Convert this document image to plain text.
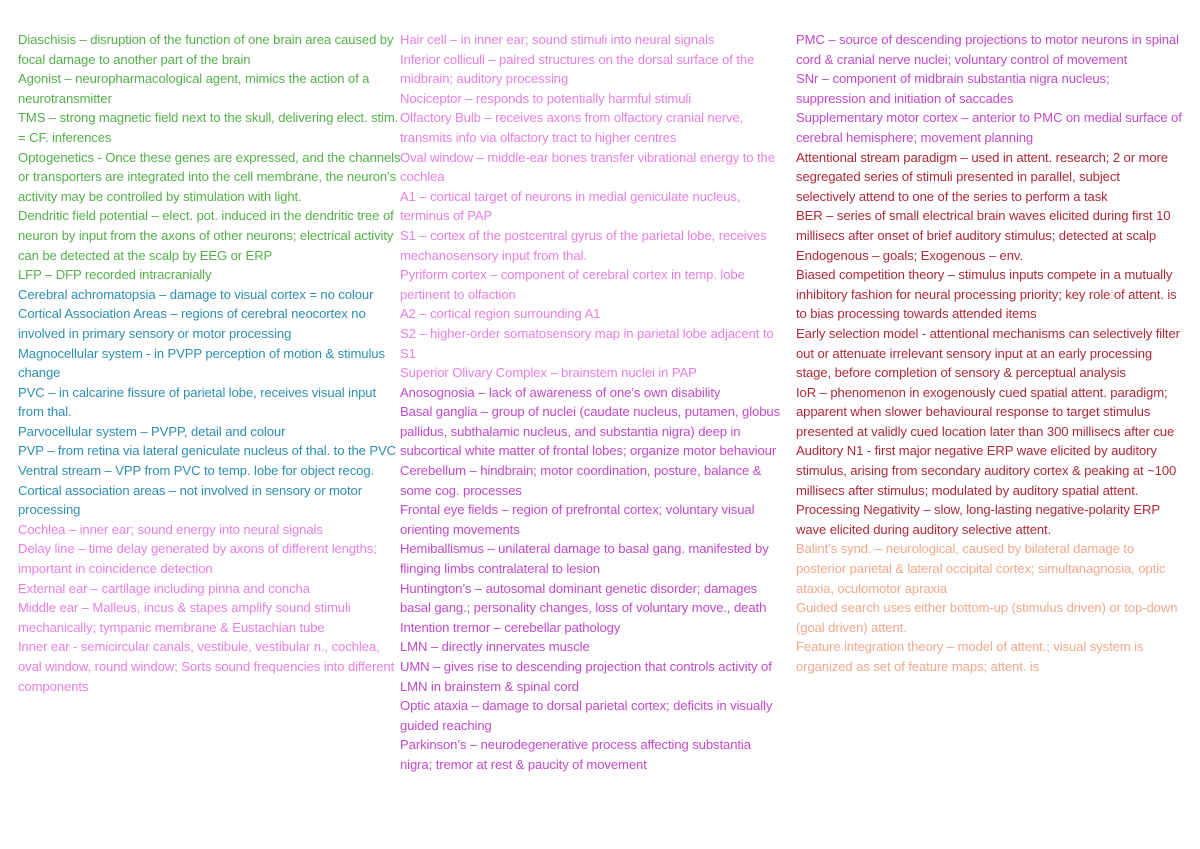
Diaschisis – disruption of the function of one brain area caused by focal damage to another part of the brain

Agonist – neuropharmacological agent, mimics the action of a neurotransmitter

TMS – strong magnetic field next to the skull, delivering elect. stim. = CF. inferences

Optogenetics - Once these genes are expressed, and the channels or transporters are integrated into the cell membrane, the neuron’s activity may be controlled by stimulation with light.

Dendritic field potential – elect. pot. induced in the dendritic tree of neuron by input from the axons of other neurons; electrical activity can be detected at the scalp by EEG or ERP

LFP – DFP recorded intracranially

Cerebral achromatopsia – damage to visual cortex = no colour

Cortical Association Areas – regions of cerebral neocortex no involved in primary sensory or motor processing

Magnocellular system - in PVPP perception of motion & stimulus change

PVC – in calcarine fissure of parietal lobe, receives visual input from thal.

Parvocellular system – PVPP, detail and colour

PVP – from retina via lateral geniculate nucleus of thal. to the PVC

Ventral stream – VPP from PVC to temp. lobe for object recog.

Cortical association areas – not involved in sensory or motor processing

Cochlea – inner ear; sound energy into neural signals

Delay line – time delay generated by axons of different lengths; important in coincidence detection

External ear – cartilage including pinna and concha

Middle ear – Malleus, incus & stapes amplify sound stimuli mechanically; tympanic membrane & Eustachian tube

Inner ear - semicircular canals, vestibule, vestibular n., cochlea, oval window, round window; Sorts sound frequencies into different components

Hair cell – in inner ear; sound stimuli into neural signals

Inferior colliculi – paired structures on the dorsal surface of the midbrain; auditory processing

Nociceptor – responds to potentially harmful stimuli

Olfactory Bulb – receives axons from olfactory cranial nerve, transmits info via olfactory tract to higher centres

Oval window – middle-ear bones transfer vibrational energy to the cochlea

A1 – cortical target of neurons in medial geniculate nucleus, terminus of PAP

S1 – cortex of the postcentral gyrus of the parietal lobe, receives mechanosensory input from thal.

Pyriform cortex – component of cerebral cortex in temp. lobe pertinent to olfaction

A2 – cortical region surrounding A1

S2 – higher-order somatosensory map in parietal lobe adjacent to S1

Superior Olivary Complex – brainstem nuclei in PAP

Anosognosia – lack of awareness of one’s own disability

Basal ganglia – group of nuclei (caudate nucleus, putamen, globus pallidus, subthalamic nucleus, and substantia nigra) deep in subcortical white matter of frontal lobes; organize motor behaviour

Cerebellum – hindbrain; motor coordination, posture, balance & some cog. processes

Frontal eye fields – region of prefrontal cortex; voluntary visual orienting movements

Hemiballismus – unilateral damage to basal gang. manifested by flinging limbs contralateral to lesion

Huntington’s – autosomal dominant genetic disorder; damages basal gang.; personality changes, loss of voluntary move., death

Intention tremor – cerebellar pathology

LMN – directly innervates muscle

UMN – gives rise to descending projection that controls activity of LMN in brainstem & spinal cord

Optic ataxia – damage to dorsal parietal cortex; deficits in visually guided reaching

Parkinson’s – neurodegenerative process affecting substantia nigra; tremor at rest & paucity of movement

PMC – source of descending projections to motor neurons in spinal cord & cranial nerve nuclei; voluntary control of movement

SNr – component of midbrain substantia nigra nucleus; suppression and initiation of saccades

Supplementary motor cortex – anterior to PMC on medial surface of cerebral hemisphere; movement planning

Attentional stream paradigm – used in attent. research; 2 or more segregated series of stimuli presented in parallel, subject selectively attend to one of the series to perform a task

BER – series of small electrical brain waves elicited during first 10 millisecs after onset of brief auditory stimulus; detected at scalp

Endogenous – goals; Exogenous – env.

Biased competition theory – stimulus inputs compete in a mutually inhibitory fashion for neural processing priority; key role of attent. is to bias processing towards attended items

Early selection model - attentional mechanisms can selectively filter out or attenuate irrelevant sensory input at an early processing stage, before completion of sensory & perceptual analysis

IoR – phenomenon in exogenously cued spatial attent. paradigm; apparent when slower behavioural response to target stimulus presented at validly cued location later than 300 millisecs after cue

Auditory N1 - first major negative ERP wave elicited by auditory stimulus, arising from secondary auditory cortex & peaking at ~100 millisecs after stimulus; modulated by auditory spatial attent.

Processing Negativity – slow, long-lasting negative-polarity ERP wave elicited during auditory selective attent.

Balint’s synd. – neurological, caused by bilateral damage to posterior parietal & lateral occipital cortex; simultanagnosia, optic ataxia, oculomotor apraxia

Guided search uses either bottom-up (stimulus driven) or top-down (goal driven) attent.

Feature integration theory – model of attent.; visual system is organized as set of feature maps; attent. is
